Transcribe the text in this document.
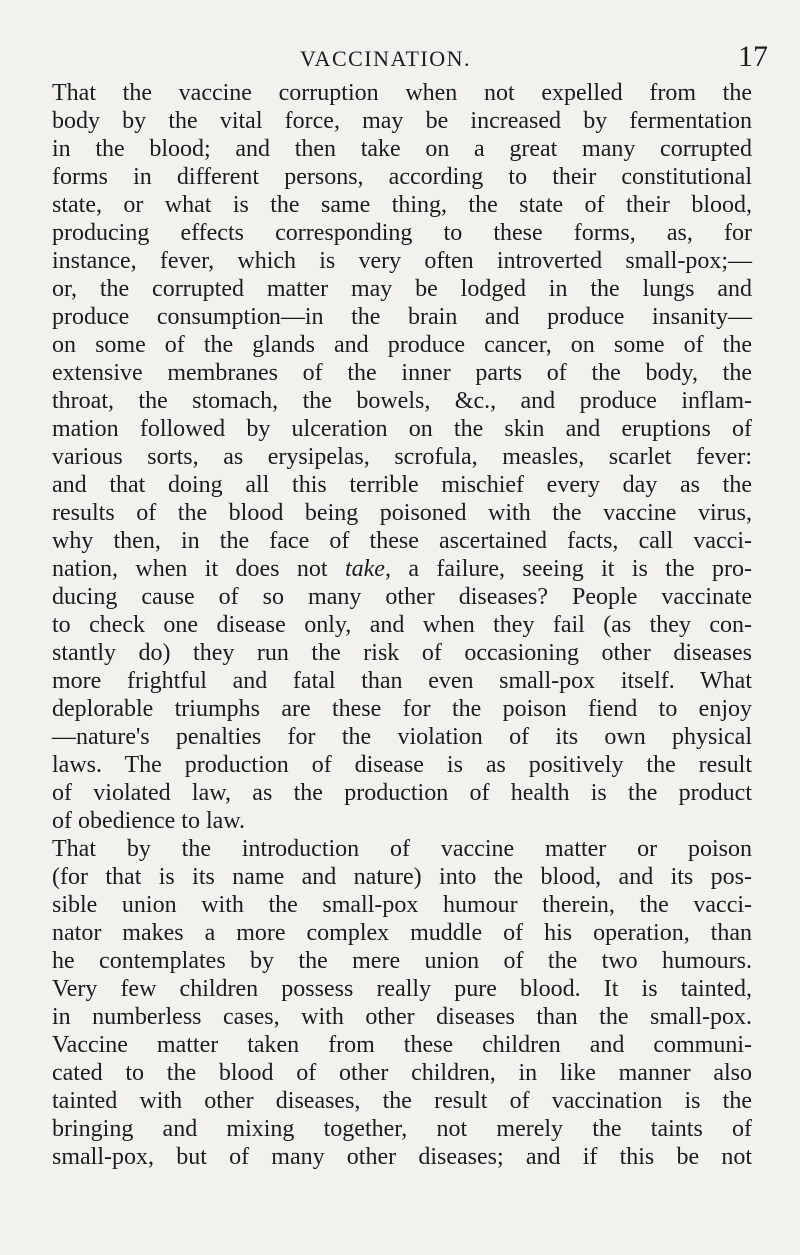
VACCINATION.	17
That the vaccine corruption when not expelled from the
body by the vital force, may be increased by fermentation
in the blood; and then take on a great many corrupted
forms in different persons, according to their constitutional
state, or what is the same thing, the state of their blood,
producing effects corresponding to these forms, as, for
instance, fever, which is very often introverted small-pox;—
or, the corrupted matter may be lodged in the lungs and
produce consumption—in the brain and produce insanity—
on some of the glands and produce cancer, on some of the
extensive membranes of the inner parts of the body, the
throat, the stomach, the bowels, &c., and produce inflam-
mation followed by ulceration on the skin and eruptions of
various sorts, as erysipelas, scrofula, measles, scarlet fever:
and that doing all this terrible mischief every day as the
results of the blood being poisoned with the vaccine virus,
why then, in the face of these ascertained facts, call vacci-
nation, when it does not take, a failure, seeing it is the pro-
ducing cause of so many other diseases? People vaccinate
to check one disease only, and when they fail (as they con-
stantly do) they run the risk of occasioning other diseases
more frightful and fatal than even small-pox itself. What
deplorable triumphs are these for the poison fiend to enjoy
—nature's penalties for the violation of its own physical
laws. The production of disease is as positively the result
of violated law, as the production of health is the product
of obedience to law.
That by the introduction of vaccine matter or poison
(for that is its name and nature) into the blood, and its pos-
sible union with the small-pox humour therein, the vacci-
nator makes a more complex muddle of his operation, than
he contemplates by the mere union of the two humours.
Very few children possess really pure blood. It is tainted,
in numberless cases, with other diseases than the small-pox.
Vaccine matter taken from these children and communi-
cated to the blood of other children, in like manner also
tainted with other diseases, the result of vaccination is the
bringing and mixing together, not merely the taints of
small-pox, but of many other diseases; and if this be not
